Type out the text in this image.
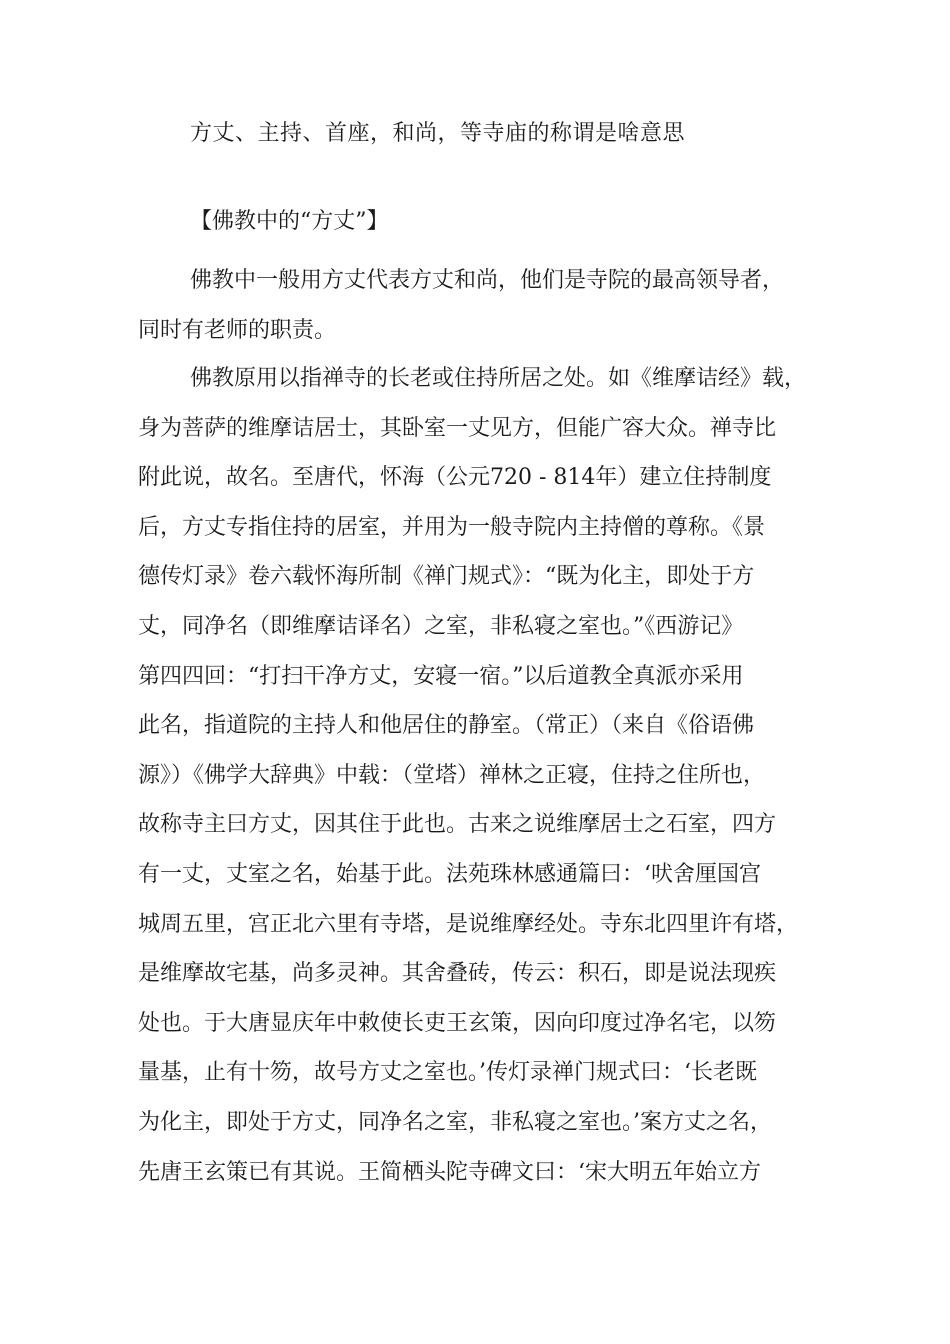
方丈、主持、首座，和尚，等寺庙的称谓是啥意思
【佛教中的“方丈”】
佛教中一般用方丈代表方丈和尚，他们是寺院的最高领导者，
同时有老师的职责。
佛教原用以指禅寺的长老或住持所居之处。如《维摩诘经》载，
身为菩萨的维摩诘居士，其卧室一丈见方，但能广容大众。禅寺比
附此说，故名。至唐代，怀海（公元720 - 814年）建立住持制度
后，方丈专指住持的居室，并用为一般寺院内主持僧的尊称。《景
德传灯录》卷六载怀海所制《禅门规式》：“既为化主，即处于方
丈，同净名（即维摩诘译名）之室，非私寝之室也。”《西游记》
第四四回：“打扫干净方丈，安寝一宿。”以后道教全真派亦采用
此名，指道院的主持人和他居住的静室。（常正）（来自《俗语佛
源》）《佛学大辞典》中载：（堂塔）禅林之正寝，住持之住所也，
故称寺主曰方丈，因其住于此也。古来之说维摩居士之石室，四方
有一丈，丈室之名，始基于此。法苑珠林感通篇曰：‘吠舍厘国宫
城周五里，宫正北六里有寺塔，是说维摩经处。寺东北四里许有塔，
是维摩故宅基，尚多灵神。其舍叠砖，传云：积石，即是说法现疾
处也。于大唐显庆年中敕使长吏王玄策，因向印度过净名宅，以笏
量基，止有十笏，故号方丈之室也。’传灯录禅门规式曰：‘长老既
为化主，即处于方丈，同净名之室，非私寝之室也。’案方丈之名，
先唐王玄策已有其说。王简栖头陀寺碑文曰：‘宋大明五年始立方
